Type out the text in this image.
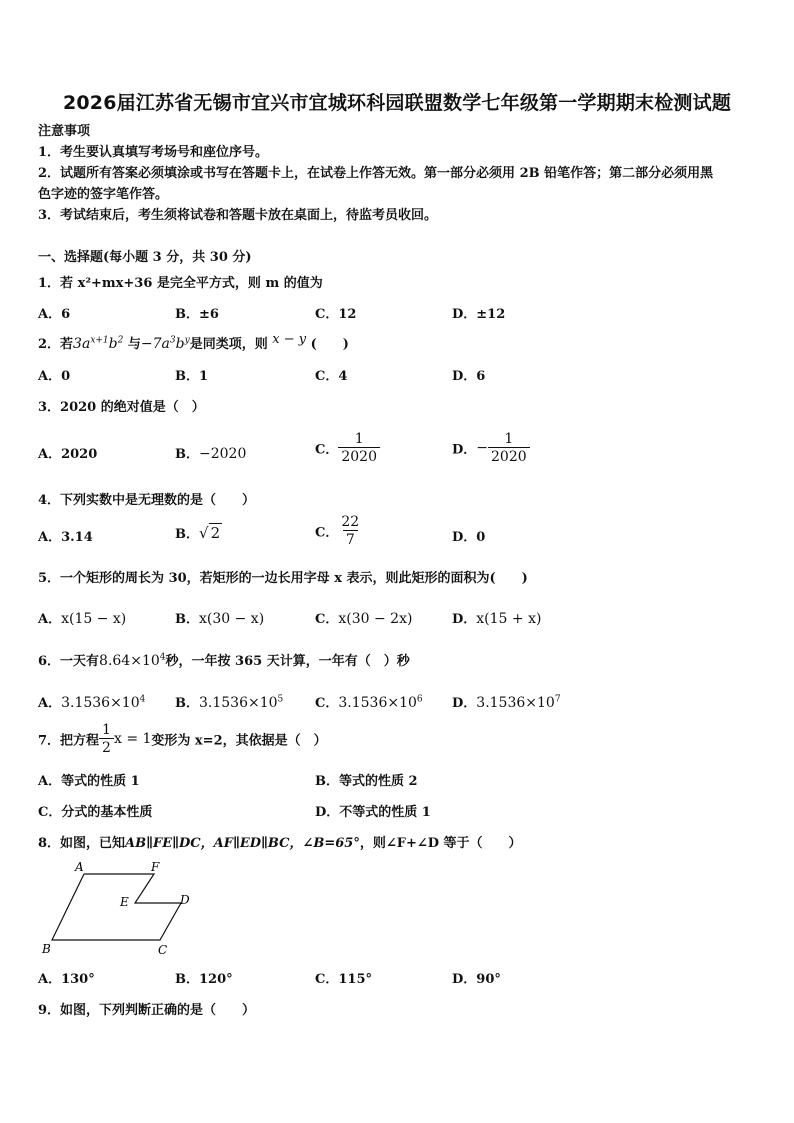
2026届江苏省无锡市宜兴市宜城环科园联盟数学七年级第一学期期末检测试题
注意事项
1．考生要认真填写考场号和座位序号。
2．试题所有答案必须填涂或书写在答题卡上，在试卷上作答无效。第一部分必须用 2B 铅笔作答；第二部分必须用黑
色字迹的签字笔作答。
3．考试结束后，考生须将试卷和答题卡放在桌面上，待监考员收回。
一、选择题(每小题 3 分，共 30 分)
1．若 x²+mx+36 是完全平方式，则 m 的值为
A．6	B．±6	C．12	D．±12
2．若$3a^{x+1}b^2$ 与$-7a^3b^y$是同类项，则 x − y (　　)
A．0	B．1	C．4	D．6
3．2020 的绝对值是（　）
A．2020	B．−2020	C． $\frac{1}{2020}$	D．− $\frac{1}{2020}$
4．下列实数中是无理数的是（　　）
A．3.14	B．√ 2	C． $\frac{22}{7}$	D．0
5．一个矩形的周长为 30，若矩形的一边长用字母 x 表示，则此矩形的面积为(　　)
A．x(15 − x)	B．x(30 − x)	C．x(30 − 2x)	D．x(15 + x)
6．一天有$8.64\times 10^4$秒，一年按 365 天计算，一年有（　）秒
A．$3.1536\times 10^4$ B．$3.1536\times 10^5$ C．$3.1536\times 10^6$ D．$3.1536\times 10^7$
7．把方程 $\frac{1}{2}$ x = 1变形为 x=2，其依据是（　）
A．等式的性质 1	B．等式的性质 2
C．分式的基本性质	D．不等式的性质 1
8．如图，已知AB∥FE∥DC，AF∥ED∥BC，∠B=65°，则∠F+∠D 等于（　　）
A	F
E	D
B	C
A．130°	B．120°	C．115°	D．90°
9．如图，下列判断正确的是（　　）
